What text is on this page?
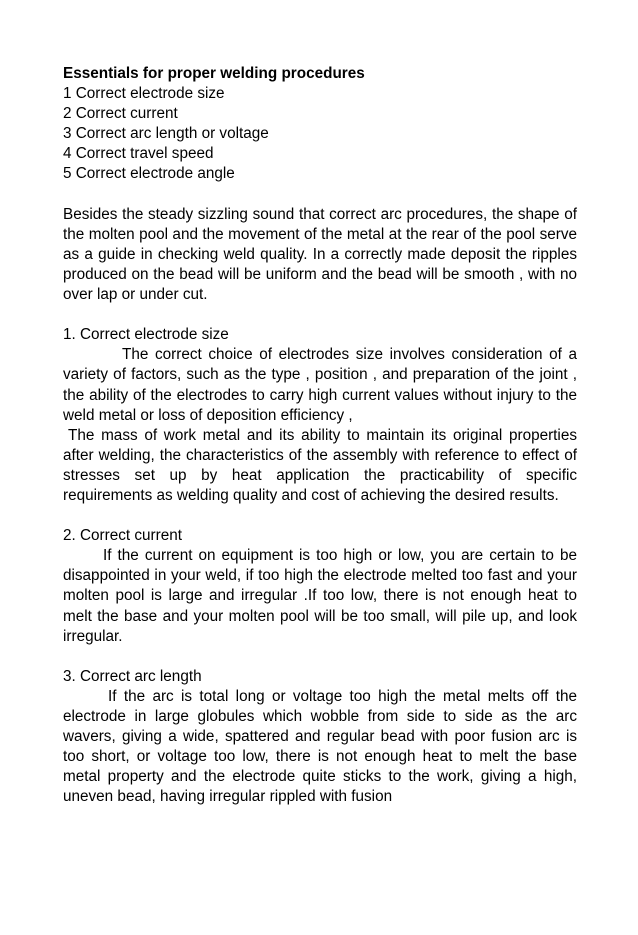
Essentials for proper welding procedures
1 Correct electrode size
2 Correct current
3 Correct arc length or voltage
4 Correct travel speed
5 Correct electrode angle

Besides the steady sizzling sound that correct arc procedures, the shape of the molten pool and the movement of the metal at the rear of the pool serve as a guide in checking weld quality. In a correctly made deposit the ripples produced on the bead will be uniform and the bead will be smooth , with no over lap or under cut.

1. Correct electrode size

The correct choice of electrodes size involves consideration of a variety of factors, such as the type , position , and preparation of the joint , the ability of the electrodes to carry high current values without injury to the weld metal or loss of deposition efficiency ,

The mass of work metal and its ability to maintain its original properties after welding, the characteristics of the assembly with reference to effect of stresses set up by heat application the practicability of specific requirements as welding quality and cost of achieving the desired results.

2. Correct current

If the current on equipment is too high or low, you are certain to be disappointed in your weld, if too high the electrode melted too fast and your molten pool is large and irregular .If too low, there is not enough heat to melt the base and your molten pool will be too small, will pile up, and look irregular.

3. Correct arc length

If the arc is total long or voltage too high the metal melts off the electrode in large globules which wobble from side to side as the arc wavers, giving a wide, spattered and regular bead with poor fusion arc is too short, or voltage too low, there is not enough heat to melt the base metal property and the electrode quite sticks to the work, giving a high, uneven bead, having irregular rippled with fusion
